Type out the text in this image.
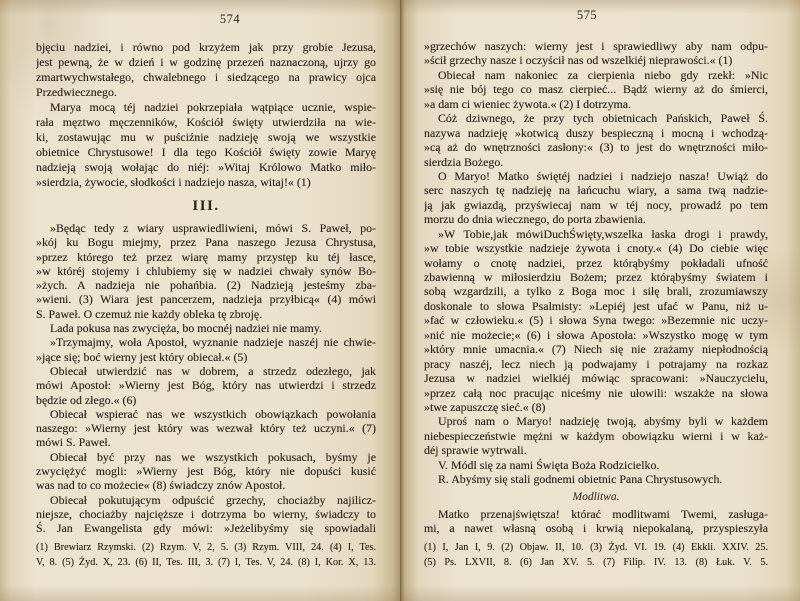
574
bjęciu nadziei, i równo pod krzyżem jak przy grobie Jezusa,
jest pewną, że w dzień i w godzinę przezeń naznaczoną, ujrzy go
zmartwychwstałego, chwalebnego i siedzącego na prawicy ojca
Przedwiecznego.
Marya mocą téj nadziei pokrzepiała wątpiące ucznie, wspie-
rała męztwo męczenników, Kościół święty utwierdziła na wie-
ki, zostawując mu w puściźnie nadzieję swoją we wszystkie
obietnice Chrystusowe! I dla tego Kościół święty zowie Maryę
nadzieją swoją wołając do niéj: »Witaj Królowo Matko miło-
»sierdzia, żywocie, słodkości i nadziejo nasza, witaj!« (1)
III.
»Będąc tedy z wiary usprawiedliwieni, mówi S. Paweł, po-
»kój ku Bogu miejmy, przez Pana naszego Jezusa Chrystusa,
»przez którego też przez wiarę mamy przystęp ku téj łasce,
»w któréj stojemy i chlubiemy się w nadziei chwały synów Bo-
»żych. A nadzieja nie pohańbia. (2) Nadzieją jesteśmy zba-
»wieni. (3) Wiara jest pancerzem, nadzieja przyłbicą« (4) mówi
S. Paweł. O czemuż nie każdy obleka tę zbroję.
Lada pokusa nas zwycięża, bo mocnéj nadziei nie mamy.
»Trzymajmy, woła Apostoł, wyznanie nadzieje naszéj nie chwie-
»jące się; boć wierny jest który obiecał.« (5)
Obiecał utwierdzić nas w dobrem, a strzedz odezłego, jak
mówi Apostoł: »Wierny jest Bóg, który nas utwierdzi i strzedz
będzie od złego.« (6)
Obiecał wspierać nas we wszystkich obowiązkach powołania
naszego: »Wierny jest który was wezwał który też uczyni.« (7)
mówi S. Paweł.
Obiecał być przy nas we wszystkich pokusach, byśmy je
zwyciężyć mogli: »Wierny jest Bóg, który nie dopuści kusić
was nad to co możecie« (8) świadczy znów Apostoł.
Obiecał pokutującym odpuścić grzechy, chociażby najilicz-
niejsze, chociażby najcięższe i dotrzyma bo wierny, świadczy to
Ś. Jan Ewangelista gdy mówi: »Jeżelibyśmy się spowiadali
(1) Brewiarz Rzymski. (2) Rzym. V, 2, 5. (3) Rzym. VIII, 24. (4) I, Tes.
V, 8. (5) Żyd. X, 23. (6) II, Tes. III, 3. (7) I, Tes. V, 24. (8) I, Kor. X, 13.
575
»grzechów naszych: wierny jest i sprawiedliwy aby nam odpu-
»ścił grzechy nasze i oczyścił nas od wszelkiéj nieprawości.« (1)
Obiecał nam nakoniec za cierpienia niebo gdy rzekł: »Nic
»się nie bój tego co masz cierpieć... Bądź wierny aż do śmierci,
»a dam ci wieniec żywota.« (2) I dotrzyma.
Cóż dziwnego, że przy tych obietnicach Pańskich, Paweł Ś.
nazywa nadzieję »kotwicą duszy bespieczną i mocną i wchodzą-
»cą aż do wnętrzności zasłony:« (3) to jest do wnętrzności miło-
sierdzia Bożego.
O Maryo! Matko świętéj nadziei i nadziejo nasza! Uwiąż do
serc naszych tę nadzieję na łańcuchu wiary, a sama twą nadzie-
ją jak gwiazdą, przyświecaj nam w téj nocy, prowadź po tem
morzu do dnia wiecznego, do porta zbawienia.
»W Tobie,jak mówiDuchŚwięty,wszelka łaska drogi i prawdy,
»w tobie wszystkie nadzieje żywota i cnoty.« (4) Do ciebie więc
wołamy o cnotę nadziei, przez którąbyśmy pokładali ufność
zbawienną w miłosierdziu Bożem; przez którąbyśmy światem i
sobą wzgardzili, a tylko z Boga moc i siłę brali, zrozumiawszy
doskonale to słowa Psalmisty: »Lepiéj jest ufać w Panu, niż u-
»fać w człowieku.« (5) i słowa Syna twego: »Bezemnie nic uczy-
»nić nie możecie;« (6) i słowa Apostoła: »Wszystko mogę w tym
»który mnie umacnia.« (7) Niech się nie zrażamy niepłodnością
pracy naszéj, lecz niech ją podwajamy i potrajamy na rozkaz
Jezusa w nadziei wielkiéj mówiąc spracowani: »Nauczycielu,
»przez całą noc pracując niceśmy nie ułowili: wszakże na słowa
»twe zapuszczę sieć.« (8)
Uproś nam o Maryo! nadzieję twoją, abyśmy byli w każdem
niebespieczeństwie mężni w każdym obowiązku wierni i w każ-
déj sprawie wytrwali.
V. Módl się za nami Święta Boża Rodzicielko.
R. Abyśmy się stali godnemi obietnic Pana Chrystusowych.
Modlitwa.
Matko przenajświętsza! którać modlitwami Twemi, zasługa-
mi, a nawet własną osobą i krwią niepokalaną, przyspieszyła
(1) I, Jan I, 9. (2) Objaw. II, 10. (3) Żyd. VI. 19. (4) Ekkli. XXIV. 25.
(5) Ps. LXVII, 8. (6) Jan XV. 5. (7) Filip. IV. 13. (8) Łuk. V. 5.
